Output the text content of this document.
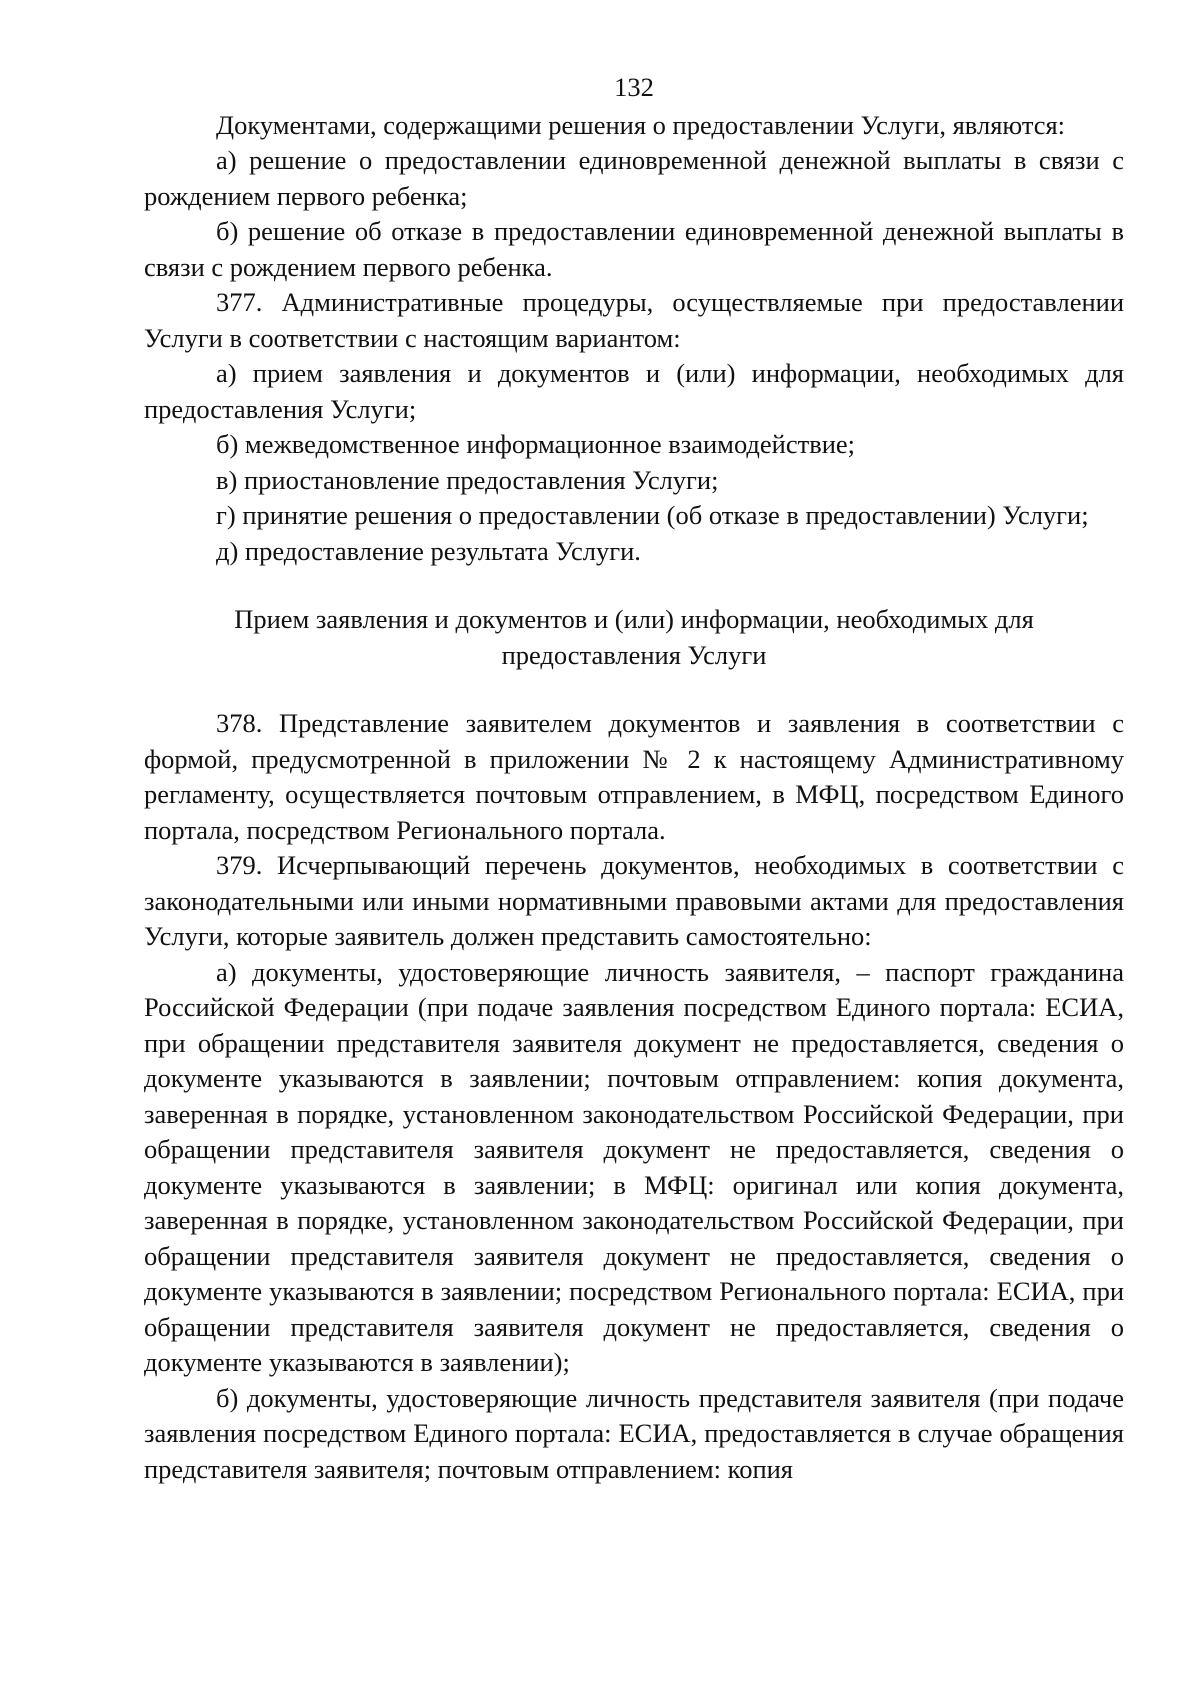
132

Документами, содержащими решения о предоставлении Услуги, являются:

а) решение о предоставлении единовременной денежной выплаты в связи с рождением первого ребенка;

б) решение об отказе в предоставлении единовременной денежной выплаты в связи с рождением первого ребенка.

377. Административные процедуры, осуществляемые при предоставлении Услуги в соответствии с настоящим вариантом:

а) прием заявления и документов и (или) информации, необходимых для предоставления Услуги;

б) межведомственное информационное взаимодействие;

в) приостановление предоставления Услуги;

г) принятие решения о предоставлении (об отказе в предоставлении) Услуги;

д) предоставление результата Услуги.

Прием заявления и документов и (или) информации, необходимых для
предоставления Услуги

378. Представление заявителем документов и заявления в соответствии с формой, предусмотренной в приложении № 2 к настоящему Административному регламенту, осуществляется почтовым отправлением, в МФЦ, посредством Единого портала, посредством Регионального портала.

379. Исчерпывающий перечень документов, необходимых в соответствии с законодательными или иными нормативными правовыми актами для предоставления Услуги, которые заявитель должен представить самостоятельно:

а) документы, удостоверяющие личность заявителя, – паспорт гражданина Российской Федерации (при подаче заявления посредством Единого портала: ЕСИА, при обращении представителя заявителя документ не предоставляется, сведения о документе указываются в заявлении; почтовым отправлением: копия документа, заверенная в порядке, установленном законодательством Российской Федерации, при обращении представителя заявителя документ не предоставляется, сведения о документе указываются в заявлении; в МФЦ: оригинал или копия документа, заверенная в порядке, установленном законодательством Российской Федерации, при обращении представителя заявителя документ не предоставляется, сведения о документе указываются в заявлении; посредством Регионального портала: ЕСИА, при обращении представителя заявителя документ не предоставляется, сведения о документе указываются в заявлении);

б) документы, удостоверяющие личность представителя заявителя (при подаче заявления посредством Единого портала: ЕСИА, предоставляется в случае обращения представителя заявителя; почтовым отправлением: копия
